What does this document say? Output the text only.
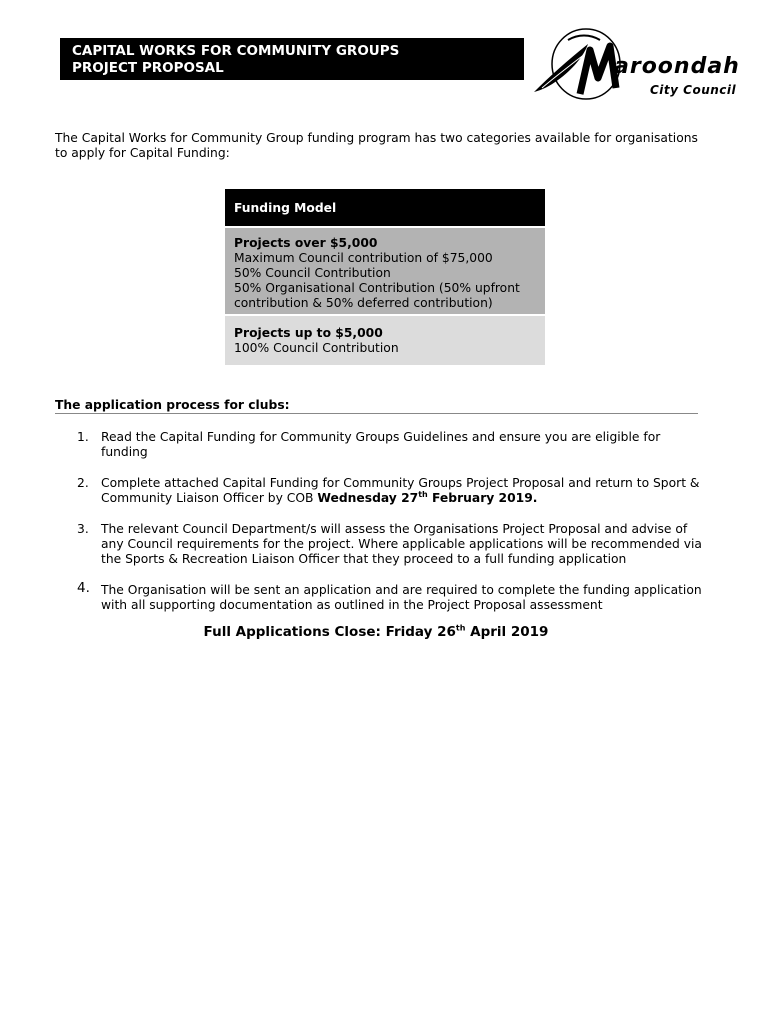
CAPITAL WORKS FOR COMMUNITY GROUPS
PROJECT PROPOSAL	aroondah
City Council
The Capital Works for Community Group funding program has two categories available for organisations to apply for Capital Funding:
Funding Model
Projects over $5,000
Maximum Council contribution of $75,000
50% Council Contribution
50% Organisational Contribution (50% upfront
contribution & 50% deferred contribution)
Projects up to $5,000
100% Council Contribution
The application process for clubs:
1. Read the Capital Funding for Community Groups Guidelines and ensure you are eligible for funding
2. Complete attached Capital Funding for Community Groups Project Proposal and return to Sport & Community Liaison Officer by COB Wednesday 27th February 2019.
3. The relevant Council Department/s will assess the Organisations Project Proposal and advise of any Council requirements for the project. Where applicable applications will be recommended via the Sports & Recreation Liaison Officer that they proceed to a full funding application
4. The Organisation will be sent an application and are required to complete the funding application with all supporting documentation as outlined in the Project Proposal assessment
Full Applications Close: Friday 26th April 2019
